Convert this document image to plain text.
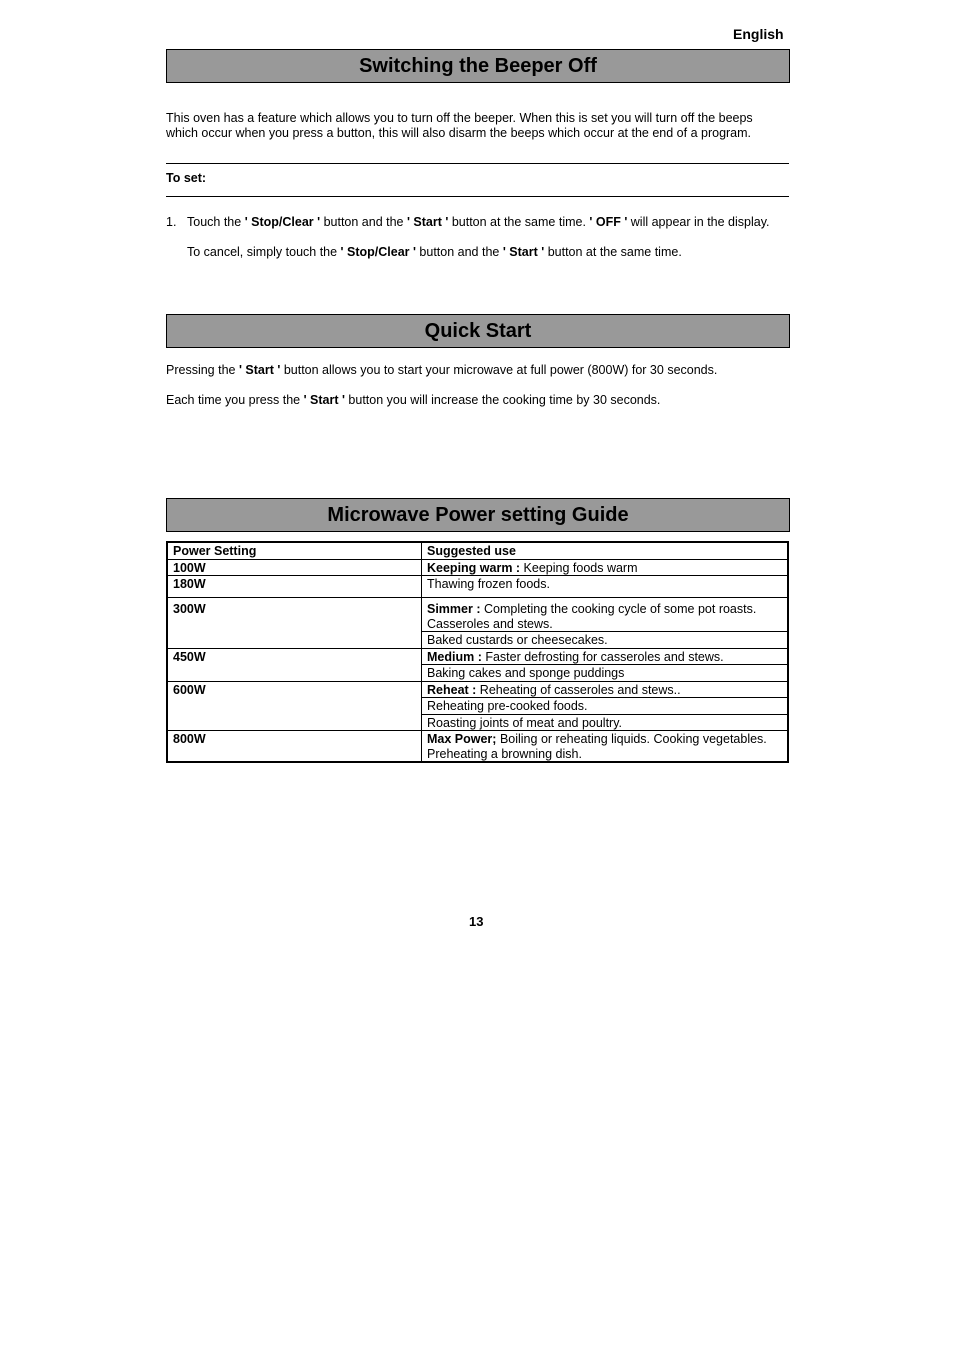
English
Switching the Beeper Off
This oven has a feature which allows you to turn off the beeper. When this is set you will turn off the beeps
which occur when you press a button, this will also disarm the beeps which occur at the end of a program.
To set:
1. Touch the ' Stop/Clear ' button and the ' Start ' button at the same time. ' OFF ' will appear in the display.
To cancel, simply touch the ' Stop/Clear ' button and the ' Start ' button at the same time.
Quick Start
Pressing the ' Start ' button allows you to start your microwave at full power (800W) for 30 seconds.
Each time you press the ' Start ' button you will increase the cooking time by 30 seconds.
Microwave Power setting Guide
Power Setting	Suggested use
100W	Keeping warm : Keeping foods warm
180W	Thawing frozen foods.
300W	Simmer : Completing the cooking cycle of some pot roasts.
Casseroles and stews.
	Baked custards or cheesecakes.
450W	Medium : Faster defrosting for casseroles and stews.
	Baking cakes and sponge puddings
600W	Reheat : Reheating of casseroles and stews..
	Reheating pre-cooked foods.
	Roasting joints of meat and poultry.
800W	Max Power; Boiling or reheating liquids. Cooking vegetables.
Preheating a browning dish.
13
